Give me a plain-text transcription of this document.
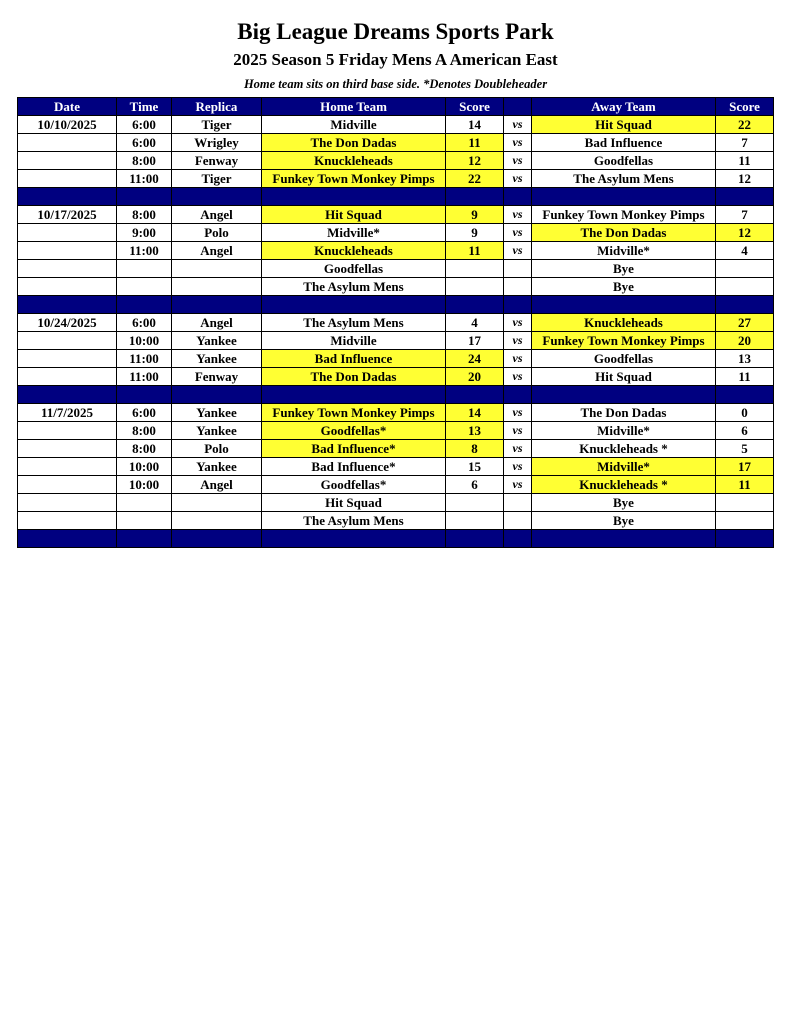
Big League Dreams Sports Park
2025 Season 5 Friday Mens A American East
Home team sits on third base side. *Denotes Doubleheader
Date	Time	Replica	Home Team	Score		Away Team	Score
10/10/2025	6:00	Tiger	Midville	14	vs	Hit Squad	22
	6:00	Wrigley	The Don Dadas	11	vs	Bad Influence	7
	8:00	Fenway	Knuckleheads	12	vs	Goodfellas	11
	11:00	Tiger	Funkey Town Monkey Pimps	22	vs	The Asylum Mens	12

10/17/2025	8:00	Angel	Hit Squad	9	vs	Funkey Town Monkey Pimps	7
	9:00	Polo	Midville*	9	vs	The Don Dadas	12
	11:00	Angel	Knuckleheads	11	vs	Midville*	4
			Goodfellas			Bye	
			The Asylum Mens			Bye	

10/24/2025	6:00	Angel	The Asylum Mens	4	vs	Knuckleheads	27
	10:00	Yankee	Midville	17	vs	Funkey Town Monkey Pimps	20
	11:00	Yankee	Bad Influence	24	vs	Goodfellas	13
	11:00	Fenway	The Don Dadas	20	vs	Hit Squad	11

11/7/2025	6:00	Yankee	Funkey Town Monkey Pimps	14	vs	The Don Dadas	0
	8:00	Yankee	Goodfellas*	13	vs	Midville*	6
	8:00	Polo	Bad Influence*	8	vs	Knuckleheads *	5
	10:00	Yankee	Bad Influence*	15	vs	Midville*	17
	10:00	Angel	Goodfellas*	6	vs	Knuckleheads *	11
			Hit Squad			Bye	
			The Asylum Mens			Bye	
